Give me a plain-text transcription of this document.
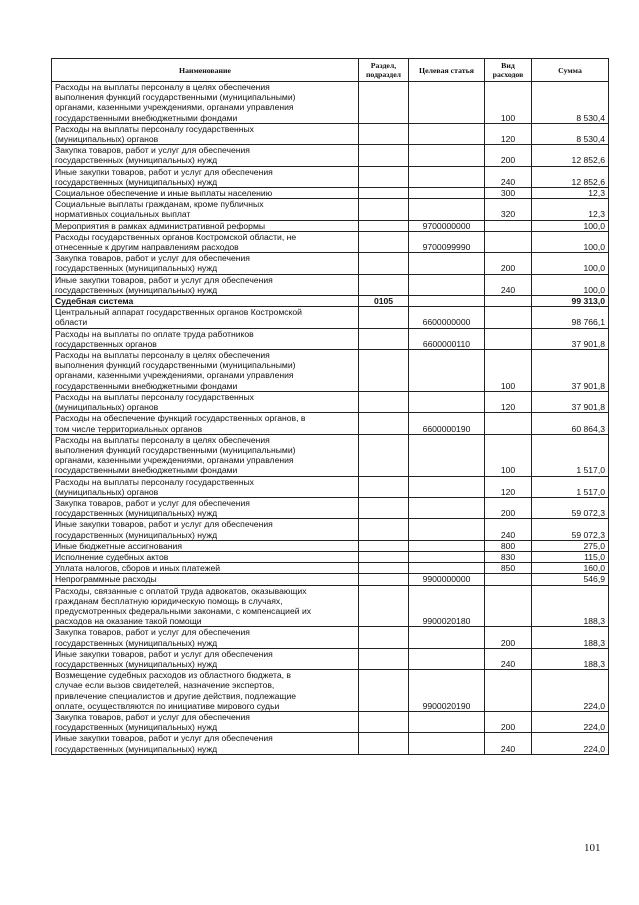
Наименование	Раздел, подраздел	Целевая статья	Вид расходов	Сумма

Расходы на выплаты персоналу в целях обеспечения
выполнения функций государственными (муниципальными)
органами, казенными учреждениями, органами управления
государственными внебюджетными фондами			100	8 530,4

Расходы на выплаты персоналу государственных
(муниципальных) органов			120	8 530,4

Закупка товаров, работ и услуг для обеспечения
государственных (муниципальных) нужд			200	12 852,6

Иные закупки товаров, работ и услуг для обеспечения
государственных (муниципальных) нужд			240	12 852,6

Социальное обеспечение и иные выплаты населению			300	12,3

Социальные выплаты гражданам, кроме публичных
нормативных социальных выплат			320	12,3

Мероприятия в рамках административной реформы		9700000000		100,0

Расходы государственных органов Костромской области, не
отнесенные к другим направлениям расходов		9700099990		100,0

Закупка товаров, работ и услуг для обеспечения
государственных (муниципальных) нужд			200	100,0

Иные закупки товаров, работ и услуг для обеспечения
государственных (муниципальных) нужд			240	100,0

Судебная система	0105			99 313,0

Центральный аппарат государственных органов Костромской
области		6600000000		98 766,1

Расходы на выплаты по оплате труда работников
государственных органов		6600000110		37 901,8

Расходы на выплаты персоналу в целях обеспечения
выполнения функций государственными (муниципальными)
органами, казенными учреждениями, органами управления
государственными внебюджетными фондами			100	37 901,8

Расходы на выплаты персоналу государственных
(муниципальных) органов			120	37 901,8

Расходы на обеспечение функций государственных органов, в
том числе территориальных органов		6600000190		60 864,3

Расходы на выплаты персоналу в целях обеспечения
выполнения функций государственными (муниципальными)
органами, казенными учреждениями, органами управления
государственными внебюджетными фондами			100	1 517,0

Расходы на выплаты персоналу государственных
(муниципальных) органов			120	1 517,0

Закупка товаров, работ и услуг для обеспечения
государственных (муниципальных) нужд			200	59 072,3

Иные закупки товаров, работ и услуг для обеспечения
государственных (муниципальных) нужд			240	59 072,3

Иные бюджетные ассигнования			800	275,0

Исполнение судебных актов			830	115,0

Уплата налогов, сборов и иных платежей			850	160,0

Непрограммные расходы		9900000000		546,9

Расходы, связанные с оплатой труда адвокатов, оказывающих
гражданам бесплатную юридическую помощь в случаях,
предусмотренных федеральными законами, с компенсацией их
расходов на оказание такой помощи		9900020180		188,3

Закупка товаров, работ и услуг для обеспечения
государственных (муниципальных) нужд			200	188,3

Иные закупки товаров, работ и услуг для обеспечения
государственных (муниципальных) нужд			240	188,3

Возмещение судебных расходов из областного бюджета, в
случае если вызов свидетелей, назначение экспертов,
привлечение специалистов и другие действия, подлежащие
оплате, осуществляются по инициативе мирового судьи		9900020190		224,0

Закупка товаров, работ и услуг для обеспечения
государственных (муниципальных) нужд			200	224,0

Иные закупки товаров, работ и услуг для обеспечения
государственных (муниципальных) нужд			240	224,0
101
